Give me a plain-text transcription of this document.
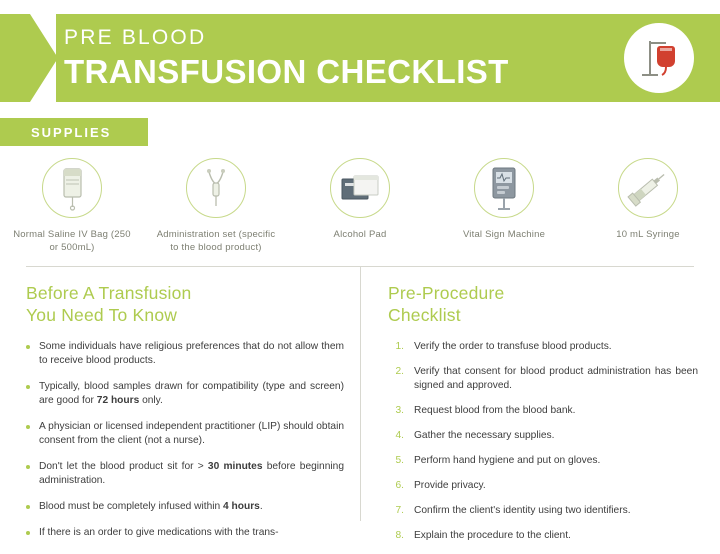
PRE BLOOD
TRANSFUSION CHECKLIST
SUPPLIES
Normal Saline IV Bag (250 or 500mL)
Administration set (specific to the blood product)
Alcohol Pad	Vital Sign Machine	10 mL Syringe
Before A Transfusion
You Need To Know
Some individuals have religious preferences that do not allow them to receive blood products.
Typically, blood samples drawn for compatibility (type and screen) are good for 72 hours only.
A physician or licensed independent practitioner (LIP) should obtain consent from the client (not a nurse).
Don't let the blood product sit for > 30 minutes before beginning administration.
Blood must be completely infused within 4 hours.
If there is an order to give medications with the trans-
Pre-Procedure
Checklist
1. Verify the order to transfuse blood products.
2. Verify that consent for blood product administration has been signed and approved.
3. Request blood from the blood bank.
4. Gather the necessary supplies.
5. Perform hand hygiene and put on gloves.
6. Provide privacy.
7. Confirm the client's identity using two identifiers.
8. Explain the procedure to the client.
